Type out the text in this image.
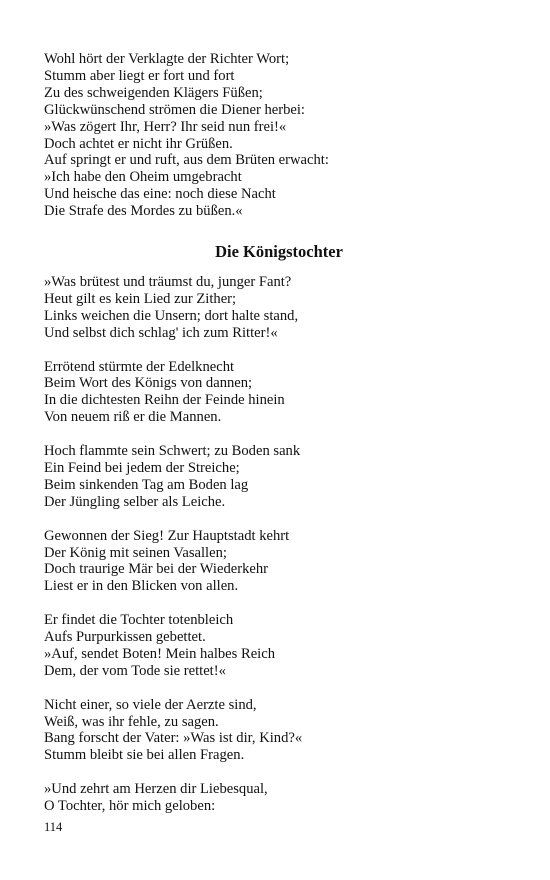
Wohl hört der Verklagte der Richter Wort;
Stumm aber liegt er fort und fort
Zu des schweigenden Klägers Füßen;
Glückwünschend strömen die Diener herbei:
»Was zögert Ihr, Herr? Ihr seid nun frei!«
Doch achtet er nicht ihr Grüßen.
Auf springt er und ruft, aus dem Brüten erwacht:
»Ich habe den Oheim umgebracht
Und heische das eine: noch diese Nacht
Die Strafe des Mordes zu büßen.«
Die Königstochter
»Was brütest und träumst du, junger Fant?
Heut gilt es kein Lied zur Zither;
Links weichen die Unsern; dort halte stand,
Und selbst dich schlag' ich zum Ritter!«
Errötend stürmte der Edelknecht
Beim Wort des Königs von dannen;
In die dichtesten Reihn der Feinde hinein
Von neuem riß er die Mannen.
Hoch flammte sein Schwert; zu Boden sank
Ein Feind bei jedem der Streiche;
Beim sinkenden Tag am Boden lag
Der Jüngling selber als Leiche.
Gewonnen der Sieg! Zur Hauptstadt kehrt
Der König mit seinen Vasallen;
Doch traurige Mär bei der Wiederkehr
Liest er in den Blicken von allen.
Er findet die Tochter totenbleich
Aufs Purpurkissen gebettet.
»Auf, sendet Boten! Mein halbes Reich
Dem, der vom Tode sie rettet!«
Nicht einer, so viele der Aerzte sind,
Weiß, was ihr fehle, zu sagen.
Bang forscht der Vater: »Was ist dir, Kind?«
Stumm bleibt sie bei allen Fragen.
»Und zehrt am Herzen dir Liebesqual,
O Tochter, hör mich geloben:
114
